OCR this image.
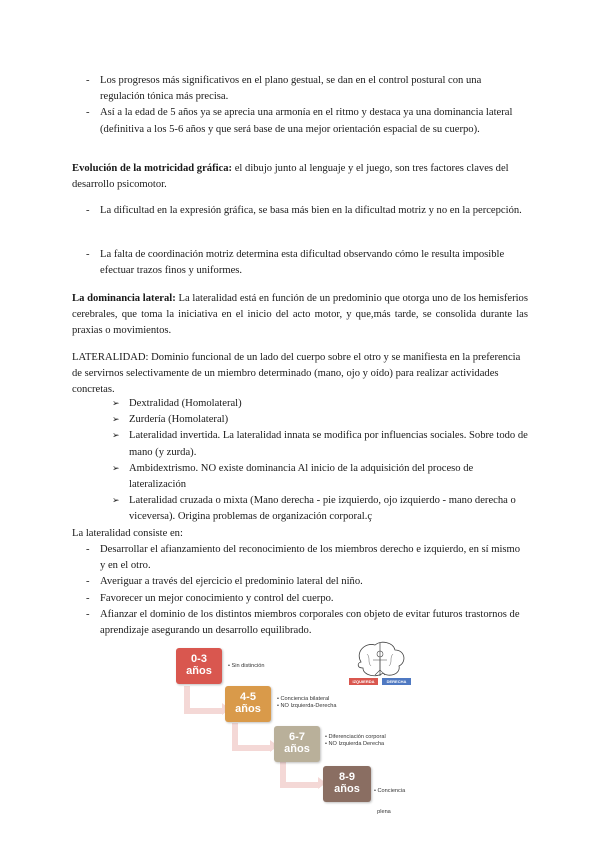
- Los progresos más significativos en el plano gestual, se dan en el control postural con una regulación tónica más precisa.
- Así a la edad de 5 años ya se aprecia una armonía en el ritmo y destaca ya una dominancia lateral (definitiva a los 5-6 años y que será base de una mejor orientación espacial de su cuerpo).
Evolución de la motricidad gráfica: el dibujo junto al lenguaje y el juego, son tres factores claves del desarrollo psicomotor.
- La dificultad en la expresión gráfica, se basa más bien en la dificultad motriz y no en la percepción.
- La falta de coordinación motriz determina esta dificultad observando cómo le resulta imposible efectuar trazos finos y uniformes.
La dominancia lateral: La lateralidad está en función de un predominio que otorga uno de los hemisferios cerebrales, que toma la iniciativa en el inicio del acto motor, y que,más tarde, se consolida durante las praxias o movimientos.
LATERALIDAD: Dominio funcional de un lado del cuerpo sobre el otro y se manifiesta en la preferencia de servirnos selectivamente de un miembro determinado (mano, ojo y oído) para realizar actividades concretas.
➢ Dextralidad (Homolateral)
➢ Zurdería (Homolateral)
➢ Lateralidad invertida. La lateralidad innata se modifica por influencias sociales. Sobre todo de mano (y zurda).
➢ Ambidextrismo. NO existe dominancia Al inicio de la adquisición del proceso de lateralización
➢ Lateralidad cruzada o mixta (Mano derecha - pie izquierdo, ojo izquierdo - mano derecha o viceversa). Origina problemas de organización corporal.ç
La lateralidad consiste en:
- Desarrollar el afianzamiento del reconocimiento de los miembros derecho e izquierdo, en sí mismo y en el otro.
- Averiguar a través del ejercicio el predominio lateral del niño.
- Favorecer un mejor conocimiento y control del cuerpo.
- Afianzar el dominio de los distintos miembros corporales con objeto de evitar futuros trastornos de aprendizaje asegurando un desarrollo equilibrado.
0-3
años	• Sin distinción
4-5
años
• Conciencia bilateral
• NO Izquierda-Derecha
6-7
años
• Diferenciación corporal
• NO Izquierda Derecha
8-9
años

	• Conciencia

plena

IZQUIERDA	DERECHA
